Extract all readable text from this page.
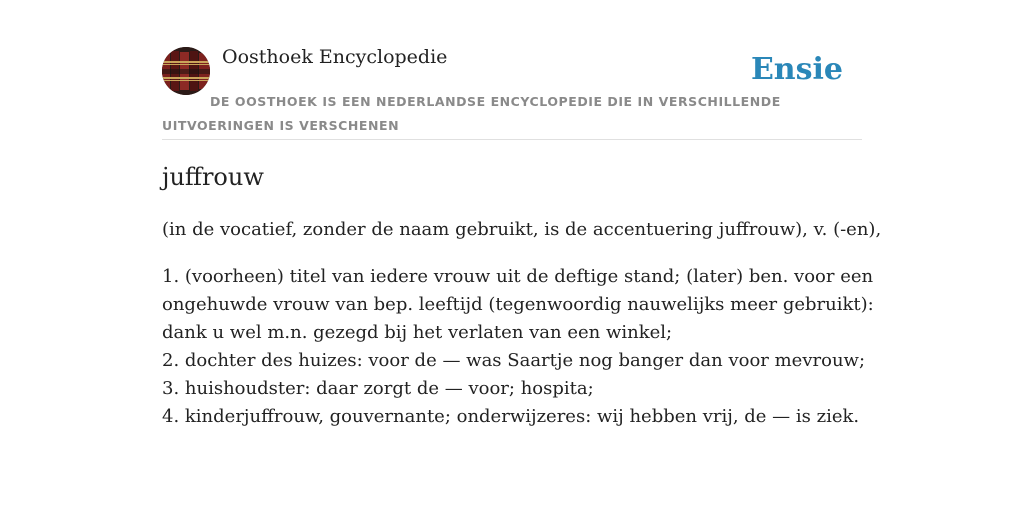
Oosthoek Encyclopedie	Ensie
DE OOSTHOEK IS EEN NEDERLANDSE ENCYCLOPEDIE DIE IN VERSCHILLENDE UITVOERINGEN IS VERSCHENEN
juffrouw
(in de vocatief, zonder de naam gebruikt, is de accentuering juffrouw), v. (-en),
1. (voorheen) titel van iedere vrouw uit de deftige stand; (later) ben. voor een
ongehuwde vrouw van bep. leeftijd (tegenwoordig nauwelijks meer gebruikt):
dank u wel m.n. gezegd bij het verlaten van een winkel;
2. dochter des huizes: voor de — was Saartje nog banger dan voor mevrouw;
3. huishoudster: daar zorgt de — voor; hospita;
4. kinderjuffrouw, gouvernante; onderwijzeres: wij hebben vrij, de — is ziek.
